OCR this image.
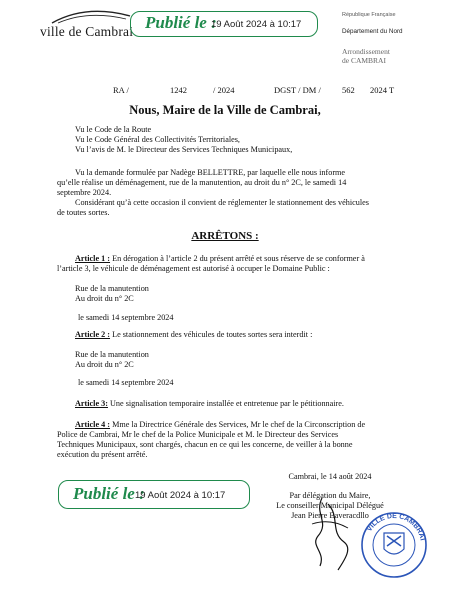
ville de Cambrai Publié le :
19 Août 2024 à 10:17
République Française
Département du Nord
Arrondissement
de CAMBRAI
RA /	1242	/ 2024	DGST / DM / 562 2024 T
Nous, Maire de la Ville de Cambrai,
Vu le Code de la Route
Vu le Code Général des Collectivités Territoriales,
Vu l’avis de M. le Directeur des Services Techniques Municipaux,
Vu la demande formulée par Nadège BELLETTRE, par laquelle elle nous informe
qu’elle réalise un déménagement, rue de la manutention, au droit du n° 2C, le samedi 14
septembre 2024.
Considérant qu’à cette occasion il convient de réglementer le stationnement des véhicules
de toutes sortes.
ARRÊTONS :
Article 1 : En dérogation à l’article 2 du présent arrêté et sous réserve de se conformer à
l’article 3, le véhicule de déménagement est autorisé à occuper le Domaine Public :
Rue de la manutention
Au droit du n° 2C
le samedi 14 septembre 2024
Article 2 : Le stationnement des véhicules de toutes sortes sera interdit :
Rue de la manutention
Au droit du n° 2C
le samedi 14 septembre 2024
Article 3: Une signalisation temporaire installée et entretenue par le pétitionnaire.
Article 4 : Mme la Directrice Générale des Services, Mr le chef de la Circonscription de
Police de Cambrai, Mr le chef de la Police Municipale et M. le Directeur des Services
Techniques Municipaux, sont chargés, chacun en ce qui les concerne, de veiller à la bonne
exécution du présent arrêté.
Cambrai, le 14 août 2024
Par délégation du Maire,
Le conseiller Municipal Délégué
Jean Pierre Baveracdllo
Publié le :
19 Août 2024 à 10:17
VILLE DE CAMBRAI
